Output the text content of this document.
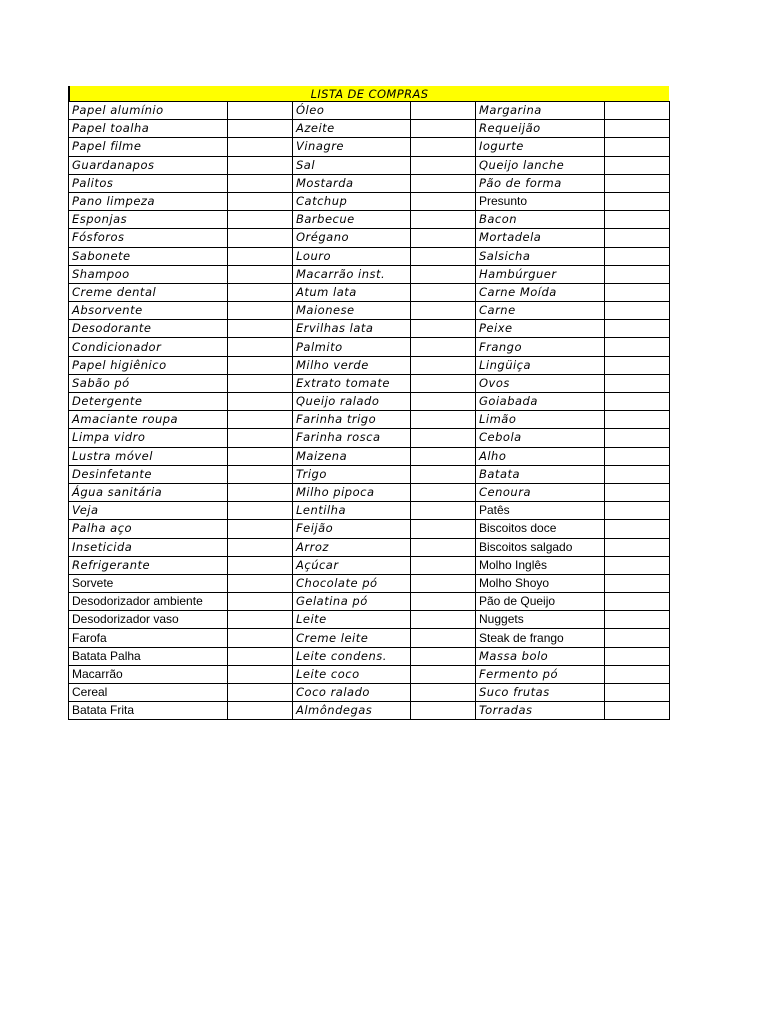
LISTA DE COMPRAS
Papel alumínio		Óleo		Margarina	
Papel toalha		Azeite		Requeijão	
Papel filme		Vinagre		Iogurte	
Guardanapos		Sal		Queijo lanche	
Palitos		Mostarda		Pão de forma	
Pano limpeza		Catchup		Presunto	
Esponjas		Barbecue		Bacon	
Fósforos		Orégano		Mortadela	
Sabonete		Louro		Salsicha	
Shampoo		Macarrão inst.		Hambúrguer	
Creme dental		Atum lata		Carne Moída	
Absorvente		Maionese		Carne	
Desodorante		Ervilhas lata		Peixe	
Condicionador		Palmito		Frango	
Papel higiênico		Milho verde		Lingüiça	
Sabão pó		Extrato tomate		Ovos	
Detergente		Queijo ralado		Goiabada	
Amaciante roupa		Farinha trigo		Limão	
Limpa vidro		Farinha rosca		Cebola	
Lustra móvel		Maizena		Alho	
Desinfetante		Trigo		Batata	
Água sanitária		Milho pipoca		Cenoura	
Veja		Lentilha		Patês	
Palha aço		Feijão		Biscoitos doce	
Inseticida		Arroz		Biscoitos salgado	
Refrigerante		Açúcar		Molho Inglês	
Sorvete		Chocolate pó		Molho Shoyo	
Desodorizador ambiente		Gelatina pó		Pão de Queijo	
Desodorizador vaso		Leite		Nuggets	
Farofa		Creme leite		Steak de frango	
Batata Palha		Leite condens.		Massa bolo	
Macarrão		Leite coco		Fermento pó	
Cereal		Coco ralado		Suco frutas	
Batata Frita		Almôndegas		Torradas	
